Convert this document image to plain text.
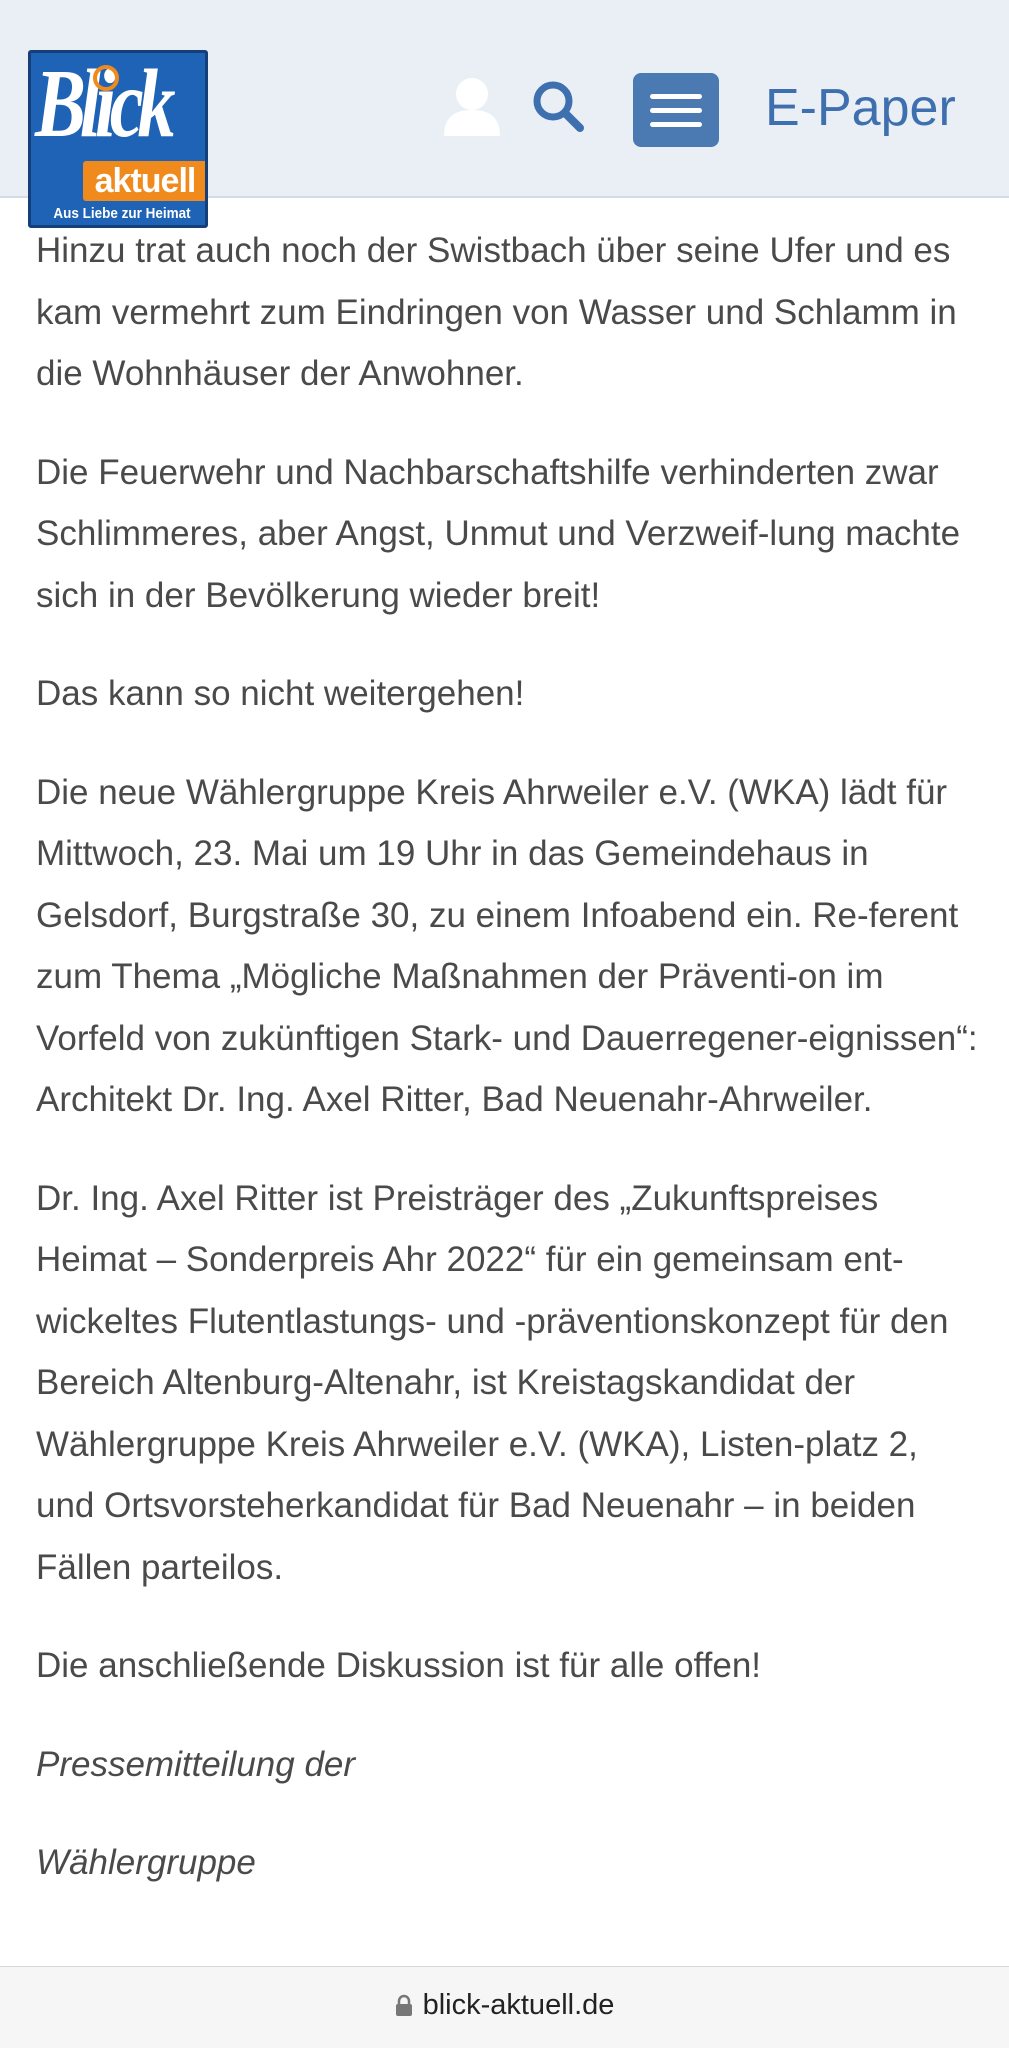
Blick
aktuell
Aus Liebe zur Heimat
E-Paper

Hinzu trat auch noch der Swistbach über seine Ufer und es kam vermehrt zum Eindringen von Wasser und Schlamm in die Wohnhäuser der Anwohner.

Die Feuerwehr und Nachbarschaftshilfe verhinderten zwar Schlimmeres, aber Angst, Unmut und Verzweif-lung machte sich in der Bevölkerung wieder breit!

Das kann so nicht weitergehen!

Die neue Wählergruppe Kreis Ahrweiler e.V. (WKA) lädt für Mittwoch, 23. Mai um 19 Uhr in das Gemeindehaus in Gelsdorf, Burgstraße 30, zu einem Infoabend ein. Re-ferent zum Thema „Mögliche Maßnahmen der Präventi-on im Vorfeld von zukünftigen Stark- und Dauerregener-eignissen“: Architekt Dr. Ing. Axel Ritter, Bad Neuenahr-Ahrweiler.

Dr. Ing. Axel Ritter ist Preisträger des „Zukunftspreises Heimat – Sonderpreis Ahr 2022“ für ein gemeinsam ent-wickeltes Flutentlastungs- und -präventionskonzept für den Bereich Altenburg-Altenahr, ist Kreistagskandidat der Wählergruppe Kreis Ahrweiler e.V. (WKA), Listen-platz 2, und Ortsvorsteherkandidat für Bad Neuenahr – in beiden Fällen parteilos.

Die anschließende Diskussion ist für alle offen!

Pressemitteilung der

Wählergruppe

blick-aktuell.de
